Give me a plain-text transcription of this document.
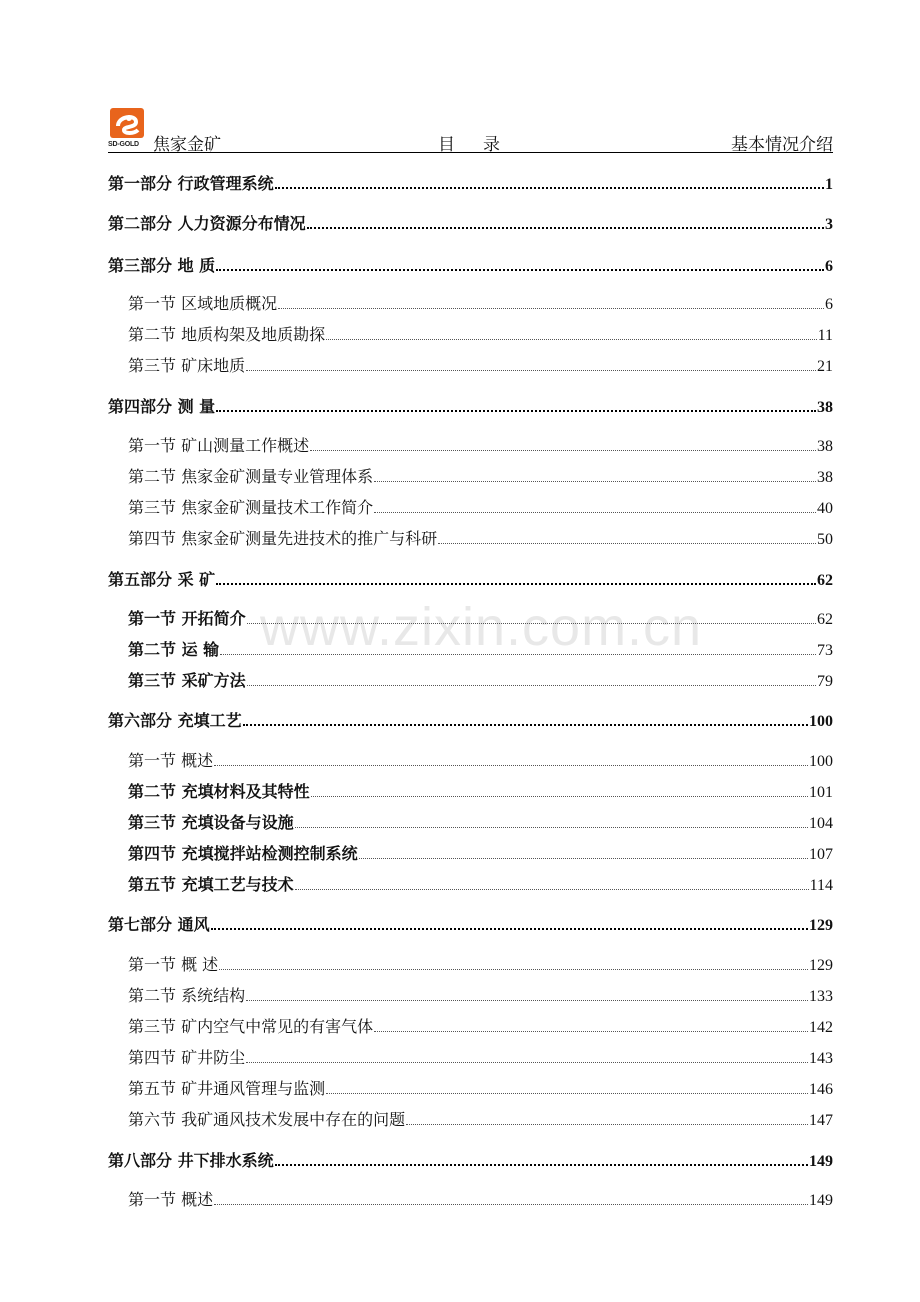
SD-GOLD 焦家金矿	目录	基本情况介绍
www.zixin.com.cn
第一部分 行政管理系统	1
第二部分 人力资源分布情况	3
第三部分 地 质	6
第一节 区域地质概况	6
第二节 地质构架及地质勘探	11
第三节 矿床地质	21
第四部分 测 量	38
第一节 矿山测量工作概述	38
第二节 焦家金矿测量专业管理体系	38
第三节 焦家金矿测量技术工作简介	40
第四节 焦家金矿测量先进技术的推广与科研	50
第五部分 采 矿	62
第一节 开拓简介	62
第二节 运 输	73
第三节 采矿方法	79
第六部分 充填工艺	100
第一节 概述	100
第二节 充填材料及其特性	101
第三节 充填设备与设施	104
第四节 充填搅拌站检测控制系统	107
第五节 充填工艺与技术	114
第七部分 通风	129
第一节 概 述	129
第二节 系统结构	133
第三节 矿内空气中常见的有害气体	142
第四节 矿井防尘	143
第五节 矿井通风管理与监测	146
第六节 我矿通风技术发展中存在的问题	147
第八部分 井下排水系统	149
第一节 概述	149
